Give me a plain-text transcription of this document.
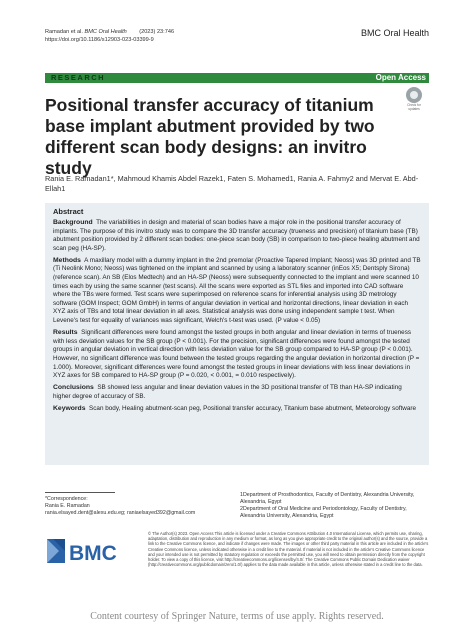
Ramadan et al. BMC Oral Health (2023) 23:746
https://doi.org/10.1186/s12903-023-03399-9
BMC Oral Health
RESEARCH	Open Access
Check for updates
Positional transfer accuracy of titanium base implant abutment provided by two different scan body designs: an invitro study
Rania E. Ramadan1*, Mahmoud Khamis Abdel Razek1, Faten S. Mohamed1, Rania A. Fahmy2 and Mervat E. Abd-Ellah1
Abstract

Background The variabilities in design and material of scan bodies have a major role in the positional transfer accuracy of implants. The purpose of this invitro study was to compare the 3D transfer accuracy (trueness and precision) of titanium base (TB) abutment position provided by 2 different scan bodies: one-piece scan body (SB) in comparison to two-piece healing abutment and scan peg (HA-SP).

Methods A maxillary model with a dummy implant in the 2nd premolar (Proactive Tapered Implant; Neoss) was 3D printed and TB (Ti Neolink Mono; Neoss) was tightened on the implant and scanned by using a laboratory scanner (inEos X5; Dentsply Sirona) (reference scan). An SB (Elos Medtech) and an HA-SP (Neoss) were subsequently connected to the implant and were scanned 10 times each by using the same scanner (test scans). All the scans were exported as STL files and imported into CAD software where the TBs were formed. Test scans were superimposed on reference scans for inferential analysis using 3D metrology software (GOM Inspect; GOM GmbH) in terms of angular deviation in vertical and horizontal directions, linear deviation in each XYZ axis of TBs and total linear deviation in all axes. Statistical analysis was done using independent sample t test. When Levene's test for equality of variances was significant, Welch's t-test was used. (P value < 0.05)

Results Significant differences were found amongst the tested groups in both angular and linear deviation in terms of trueness with less deviation values for the SB group (P < 0.001). For the precision, significant differences were found amongst the tested groups in angular deviation in vertical direction with less deviation value for the SB group compared to HA-SP group (P < 0.001). However, no significant difference was found between the tested groups regarding the angular deviation in horizontal direction (P = 1.000). Moreover, significant differences were found amongst the tested groups in linear deviations with less linear deviations in XYZ axes for SB compared to HA-SP group (P = 0.020, < 0.001, = 0.010 respectively).

Conclusions SB showed less angular and linear deviation values in the 3D positional transfer of TB than HA-SP indicating higher degree of accuracy of SB.

Keywords Scan body, Healing abutment-scan peg, Positional transfer accuracy, Titanium base abutment, Meteorology software

*Correspondence:
Rania E. Ramadan
rania.elsayed.dent@alexu.edu.eg; raniaelsayed392@gmail.com
1Department of Prosthodontics, Faculty of Dentistry, Alexandria University, Alexandria, Egypt
2Department of Oral Medicine and Periodontology, Faculty of Dentistry, Alexandria University, Alexandria, Egypt
BMC
© The Author(s) 2023. Open Access This article is licensed under a Creative Commons Attribution 4.0 International License, which permits use, sharing, adaptation, distribution and reproduction in any medium or format, as long as you give appropriate credit to the original author(s) and the source, provide a link to the Creative Commons licence, and indicate if changes were made. The images or other third party material in this article are included in the article's Creative Commons licence, unless indicated otherwise in a credit line to the material. If material is not included in the article's Creative Commons licence and your intended use is not permitted by statutory regulation or exceeds the permitted use, you will need to obtain permission directly from the copyright holder. To view a copy of this licence, visit http://creativecommons.org/licenses/by/4.0/. The Creative Commons Public Domain Dedication waiver (http://creativecommons.org/publicdomain/zero/1.0/) applies to the data made available in this article, unless otherwise stated in a credit line to the data.
Content courtesy of Springer Nature, terms of use apply. Rights reserved.
